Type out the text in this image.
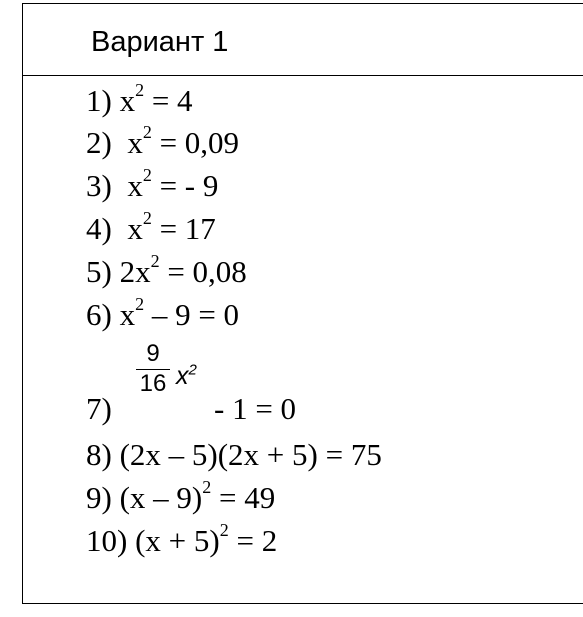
Вариант 1
1) $x^2 = 4$
2)  $x^2 = 0,09$
3)  $x^2$ = - 9
4)  $x^2 = 17$
5) $2x^2 = 0,08$
6) $x^2 - 9 = 0$
7)
9
16 $x^2$
- 1 = 0
8) (2x – 5)(2x + 5) = 75
9) (x – 9)$^2$ = 49
10) $(x + 5)^2 = 2$
